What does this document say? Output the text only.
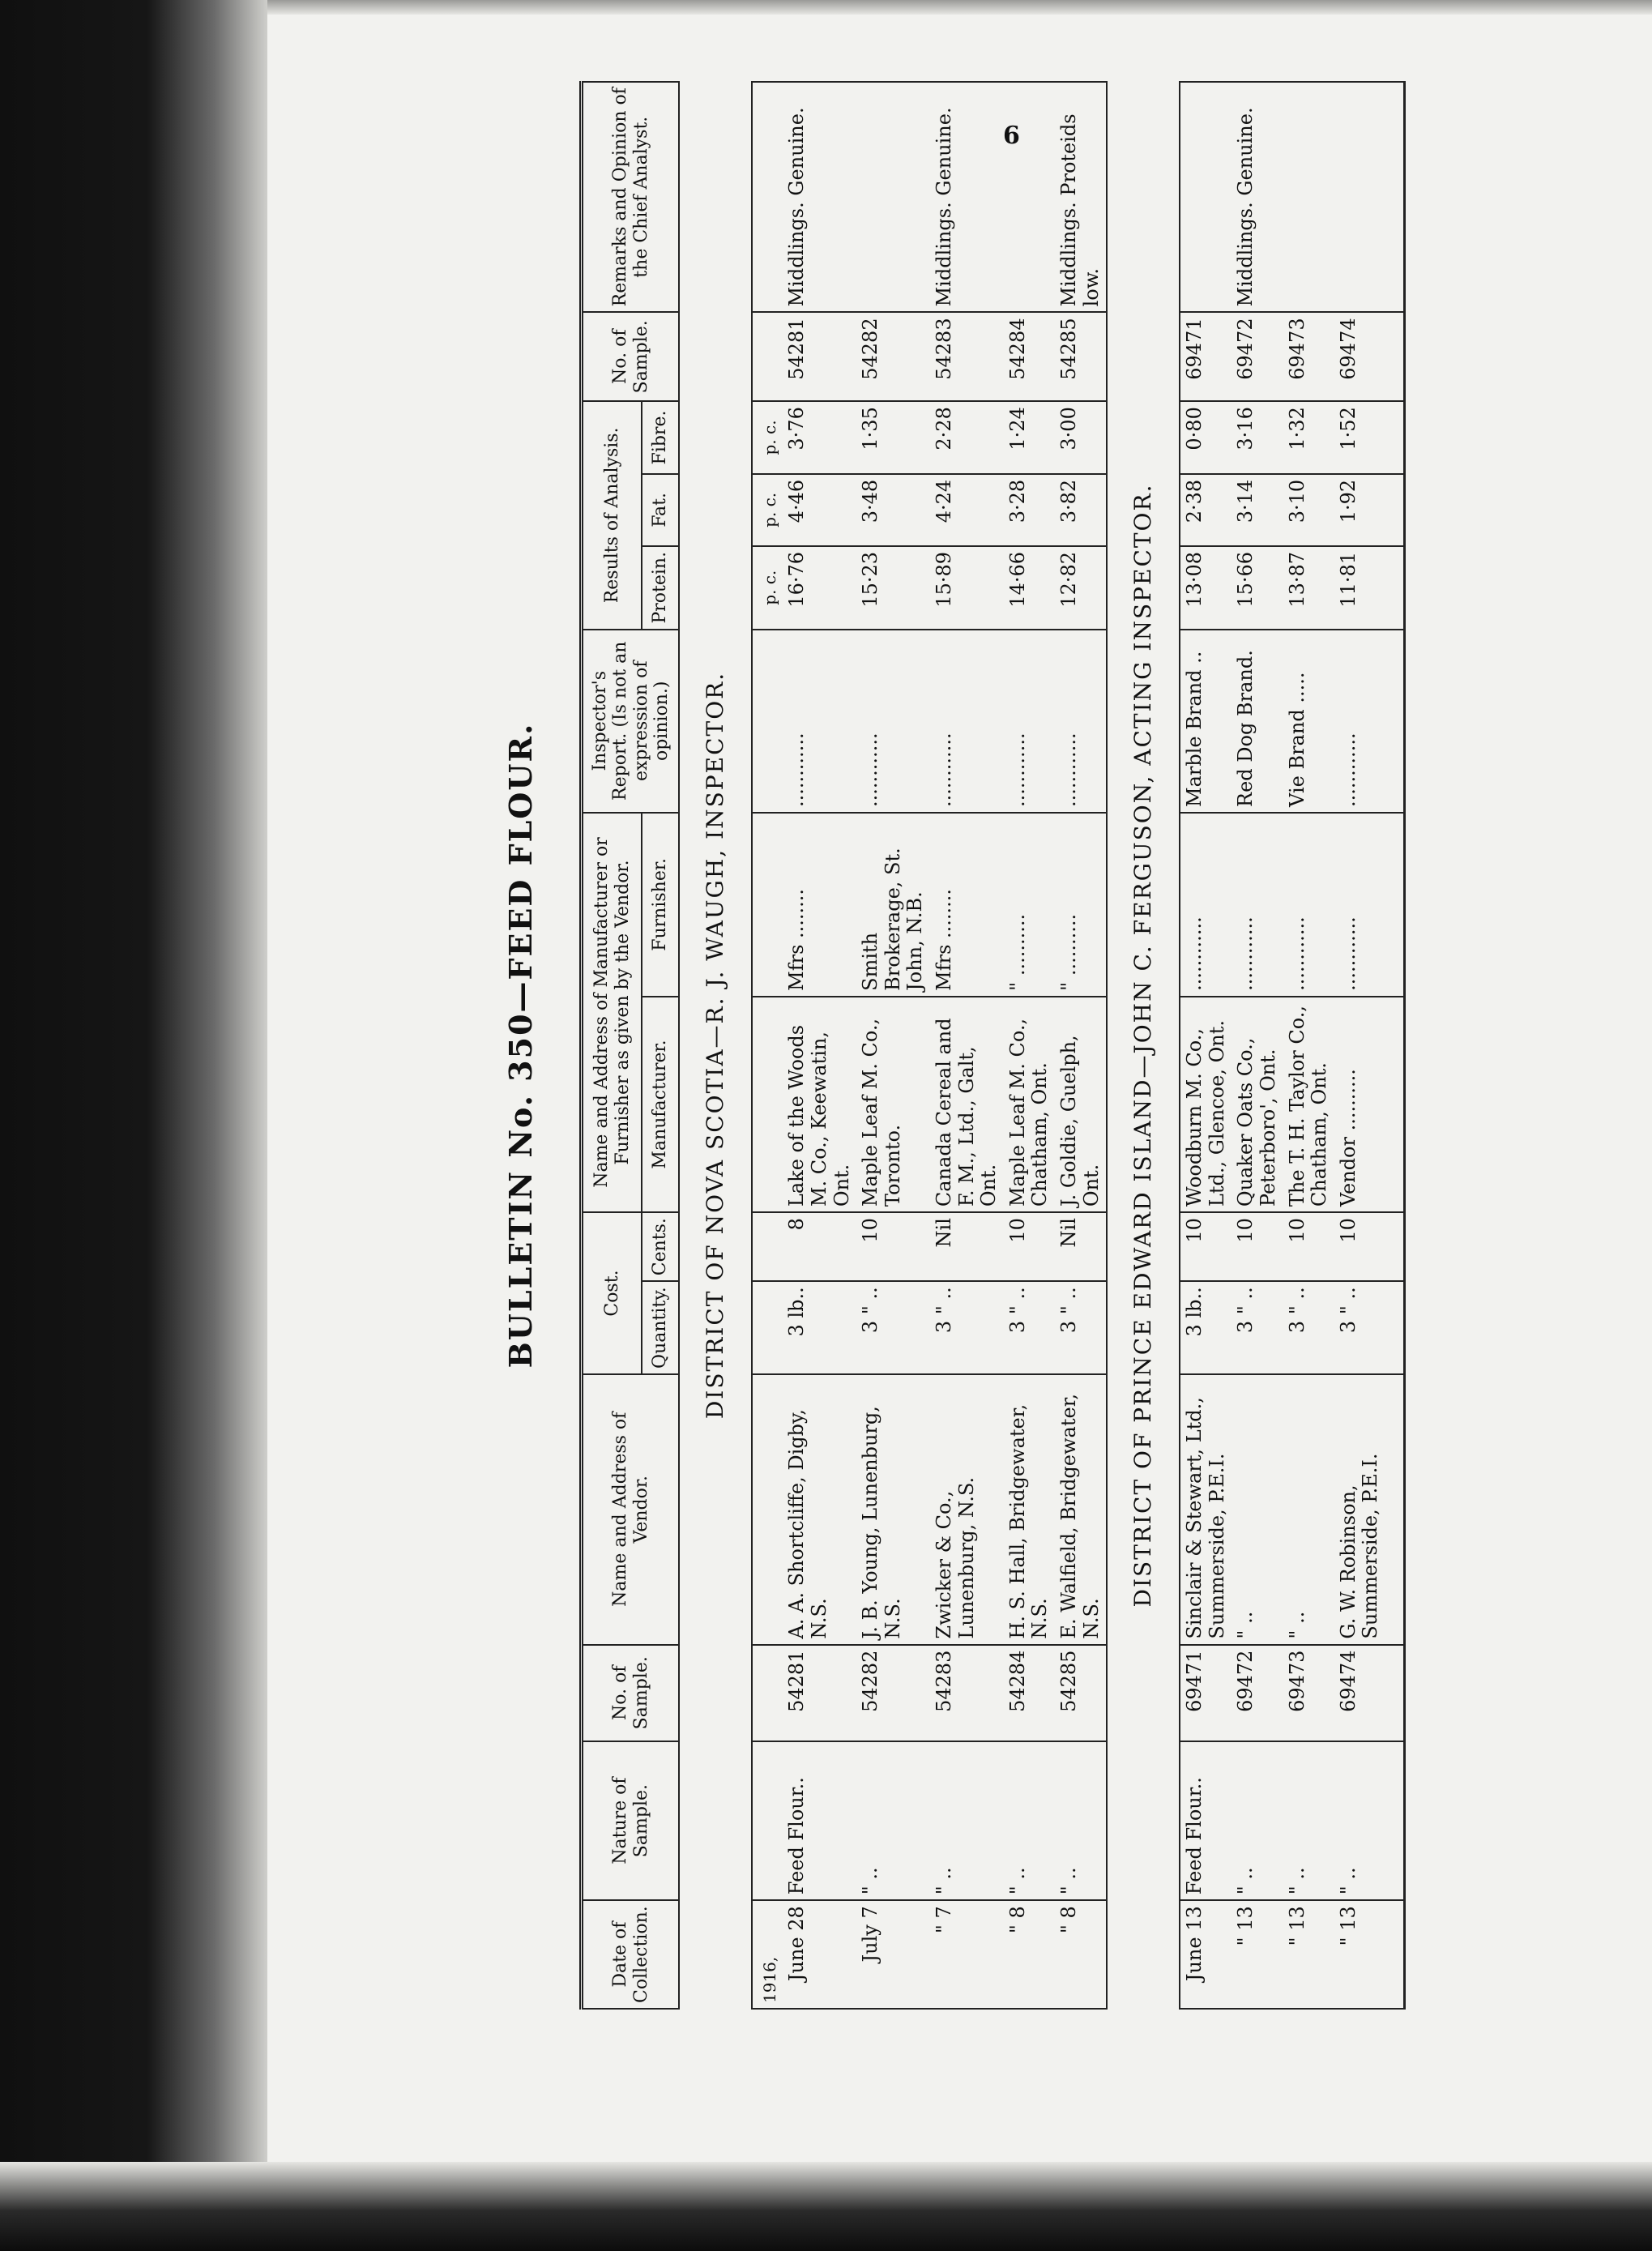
6
BULLETIN No. 350—FEED FLOUR.
Date of Collection.	Nature of Sample.	No. of Sample.	Name and Address of Vendor.	Cost.		Name and Address of Manufacturer or Furnisher as given by the Vendor.		Inspector's Report. (Is not an expression of opinion.)	Results of Analysis.			No. of Sample.	Remarks and Opinion of the Chief Analyst.
				Quantity.	Cents.	Manufacturer.	Furnisher.		Protein.	Fat.	Fibre.		
DISTRICT OF NOVA SCOTIA—R. J. WAUGH, INSPECTOR.													
1916,									p. c.	p. c.	p. c.		
June 28	Feed Flour..	54281	A. A. Shortcliffe, Digby, N.S.	3 lb..	8	Lake of the Woods M. Co., Keewatin, Ont.	Mfrs ........	............	16·76	4·46	3·76	54281	Middlings. Genuine.
July 7	" ..	54282	J. B. Young, Lunenburg, N.S.	3 " ..	10	Maple Leaf M. Co., Toronto.	Smith Brokerage, St. John, N.B.	............	15·23	3·48	1·35	54282	
" 7	" ..	54283	Zwicker & Co., Lunenburg, N.S.	3 " ..	Nil	Canada Cereal and F. M., Ltd., Galt, Ont.	Mfrs ........	............	15·89	4·24	2·28	54283	Middlings. Genuine.
" 8	" ..	54284	H. S. Hall, Bridgewater, N.S.	3 " ..	10	Maple Leaf M. Co., Chatham, Ont.	" ..........	............	14·66	3·28	1·24	54284	
" 8	" ..	54285	E. Walfield, Bridgewater, N.S.	3 " ..	Nil	J. Goldie, Guelph, Ont.	" ..........	............	12·82	3·82	3·00	54285	Middlings. Proteids low.
DISTRICT OF PRINCE EDWARD ISLAND—JOHN C. FERGUSON, ACTING INSPECTOR.													
June 13	Feed Flour..	69471	Sinclair & Stewart, Ltd., Summerside, P.E.I.	3 lb..	10	Woodburn M. Co., Ltd., Glencoe, Ont.	............	Marble Brand ..	13·08	2·38	0·80	69471	
" 13	" ..	69472	" ..	3 " ..	10	Quaker Oats Co., Peterboro', Ont.	............	Red Dog Brand.	15·66	3·14	3·16	69472	Middlings. Genuine.
" 13	" ..	69473	" ..	3 " ..	10	The T. H. Taylor Co., Chatham, Ont.	............	Vie Brand .....	13·87	3·10	1·32	69473	
" 13	" ..	69474	G. W. Robinson, Summerside, P.E.I.	3 " ..	10	Vendor ..........	............	............	11·81	1·92	1·52	69474	
